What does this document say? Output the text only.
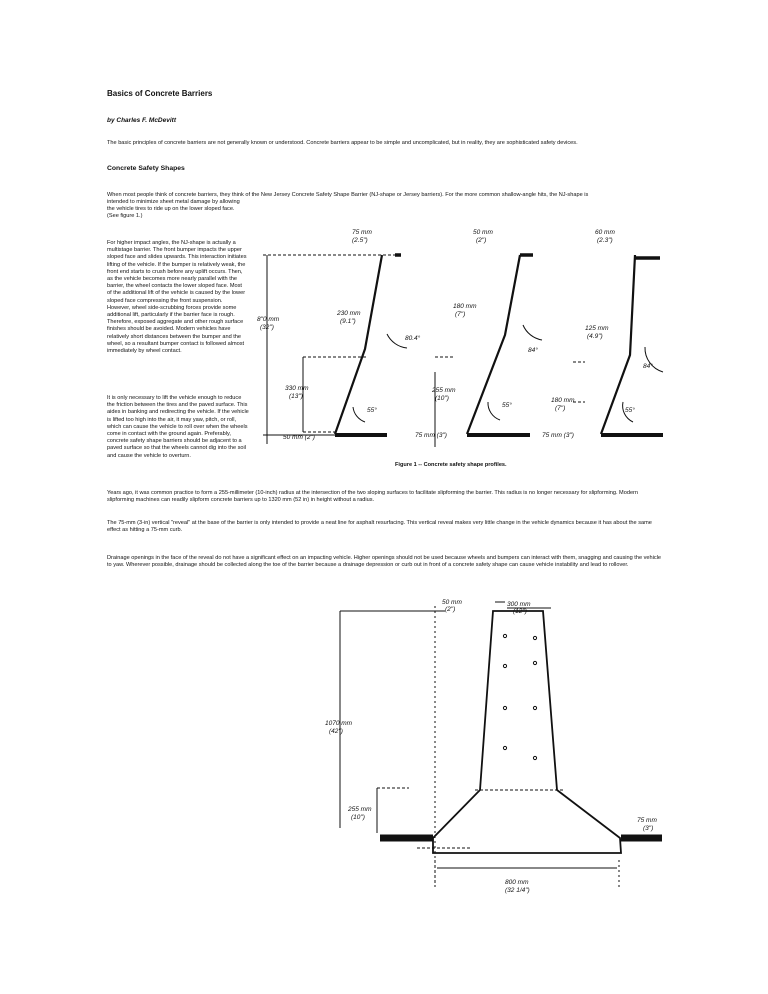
Basics of Concrete Barriers
by Charles F. McDevitt

The basic principles of concrete barriers are not generally known or understood. Concrete barriers appear to be simple and uncomplicated, but in reality, they are sophisticated safety devices.

Concrete Safety Shapes

When most people think of concrete barriers, they think of the New Jersey Concrete Safety Shape Barrier (NJ-shape or Jersey barriers). For the more common shallow-angle hits, the NJ-shape is

intended to minimize sheet metal damage by allowing the vehicle tires to ride up on the lower sloped face. (See figure 1.)

For higher impact angles, the NJ-shape is actually a multistage barrier. The front bumper impacts the upper sloped face and slides upwards. This interaction initiates lifting of the vehicle. If the bumper is relatively weak, the front end starts to crush before any uplift occurs. Then, as the vehicle becomes more nearly parallel with the barrier, the wheel contacts the lower sloped face. Most of the additional lift of the vehicle is caused by the lower sloped face compressing the front suspension. However, wheel side-scrubbing forces provide some additional lift, particularly if the barrier face is rough. Therefore, exposed aggregate and other rough surface finishes should be avoided. Modern vehicles have relatively short distances between the bumper and the wheel, so a resultant bumper contact is followed almost immediately by wheel contact.

It is only necessary to lift the vehicle enough to reduce the friction between the tires and the paved surface. This aides in banking and redirecting the vehicle. If the vehicle is lifted too high into the air, it may yaw, pitch, or roll, which can cause the vehicle to roll over when the wheels come in contact with the ground again. Preferably, concrete safety shape barriers should be adjacent to a paved surface so that the wheels cannot dig into the soil and cause the vehicle to overturn.

75 mm
(2.5")
230 mm
(9.1")
8"0 mm
(32")
80.4°
330 mm
(13")
55°
50 mm (2")
50 mm
(2")
180 mm
(7")
84°
255 mm
(10")
55°
75 mm (3")
60 mm
(2.3")
125 mm
(4.9")
84°
180 mm
(7")	55°
75 mm (3")
Figure 1 -- Concrete safety shape profiles.

Years ago, it was common practice to form a 255-millimeter (10-inch) radius at the intersection of the two sloping surfaces to facilitate slipforming the barrier. This radius is no longer necessary for slipforming. Modern slipforming machines can readily slipform concrete barriers up to 1320 mm (52 in) in height without a radius.

The 75-mm (3-in) vertical "reveal" at the base of the barrier is only intended to provide a neat line for asphalt resurfacing. This vertical reveal makes very little change in the vehicle dynamics because it has about the same effect as hitting a 75-mm curb.

Drainage openings in the face of the reveal do not have a significant effect on an impacting vehicle. Higher openings should not be used because wheels and bumpers can interact with them, snagging and causing the vehicle to yaw. Wherever possible, drainage should be collected along the toe of the barrier because a drainage depression or curb out in front of a concrete safety shape can cause vehicle instability and lead to rollover.

50 mm
(2")
300 mm
(12")
1070 mm
(42")
255 mm
(10")	75 mm
(3")
800 mm
(32 1/4")
